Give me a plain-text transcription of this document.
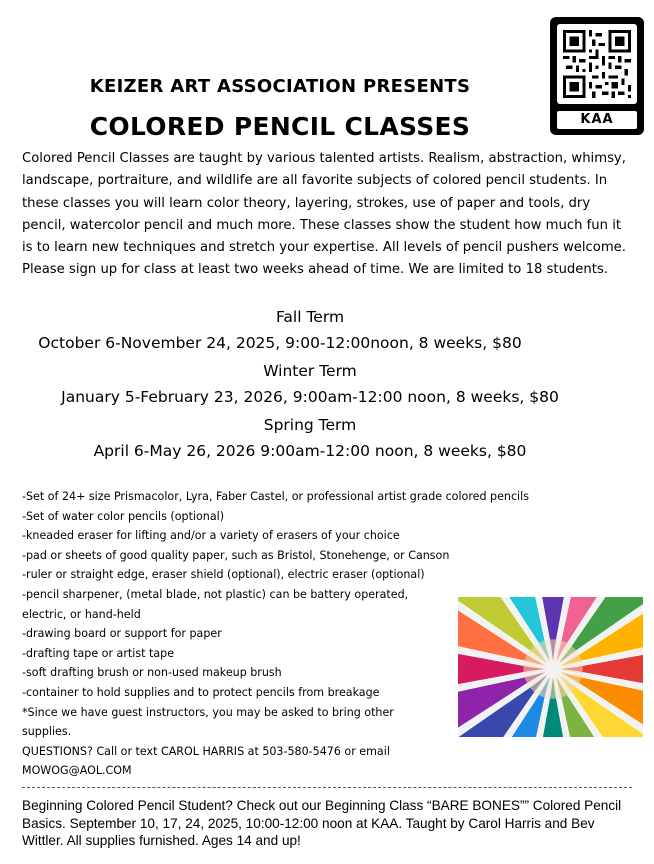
KAA
KEIZER ART ASSOCIATION PRESENTS
COLORED PENCIL CLASSES
Colored Pencil Classes are taught by various talented artists. Realism, abstraction, whimsy, landscape, portraiture, and wildlife are all favorite subjects of colored pencil students. In these classes you will learn color theory, layering, strokes, use of paper and tools, dry pencil, watercolor pencil and much more. These classes show the student how much fun it is to learn new techniques and stretch your expertise. All levels of pencil pushers welcome. Please sign up for class at least two weeks ahead of time. We are limited to 18 students.
Fall Term
October 6-November 24, 2025, 9:00-12:00noon, 8 weeks, $80
Winter Term
January 5-February 23, 2026, 9:00am-12:00 noon, 8 weeks, $80
Spring Term
April 6-May 26, 2026 9:00am-12:00 noon, 8 weeks, $80
-Set of 24+ size Prismacolor, Lyra, Faber Castel, or professional artist grade colored pencils
-Set of water color pencils (optional)
-kneaded eraser for lifting and/or a variety of erasers of your choice
-pad or sheets of good quality paper, such as Bristol, Stonehenge, or Canson
-ruler or straight edge, eraser shield (optional), electric eraser (optional)
-pencil sharpener, (metal blade, not plastic) can be battery operated, electric, or hand-held
-drawing board or support for paper
-drafting tape or artist tape
-soft drafting brush or non-used makeup brush
-container to hold supplies and to protect pencils from breakage
*Since we have guest instructors, you may be asked to bring other supplies.
QUESTIONS? Call or text CAROL HARRIS at 503-580-5476 or email MOWOG@AOL.COM
Beginning Colored Pencil Student? Check out our Beginning Class “BARE BONES”” Colored Pencil Basics. September 10, 17, 24, 2025, 10:00-12:00 noon at KAA. Taught by Carol Harris and Bev Wittler. All supplies furnished. Ages 14 and up!
